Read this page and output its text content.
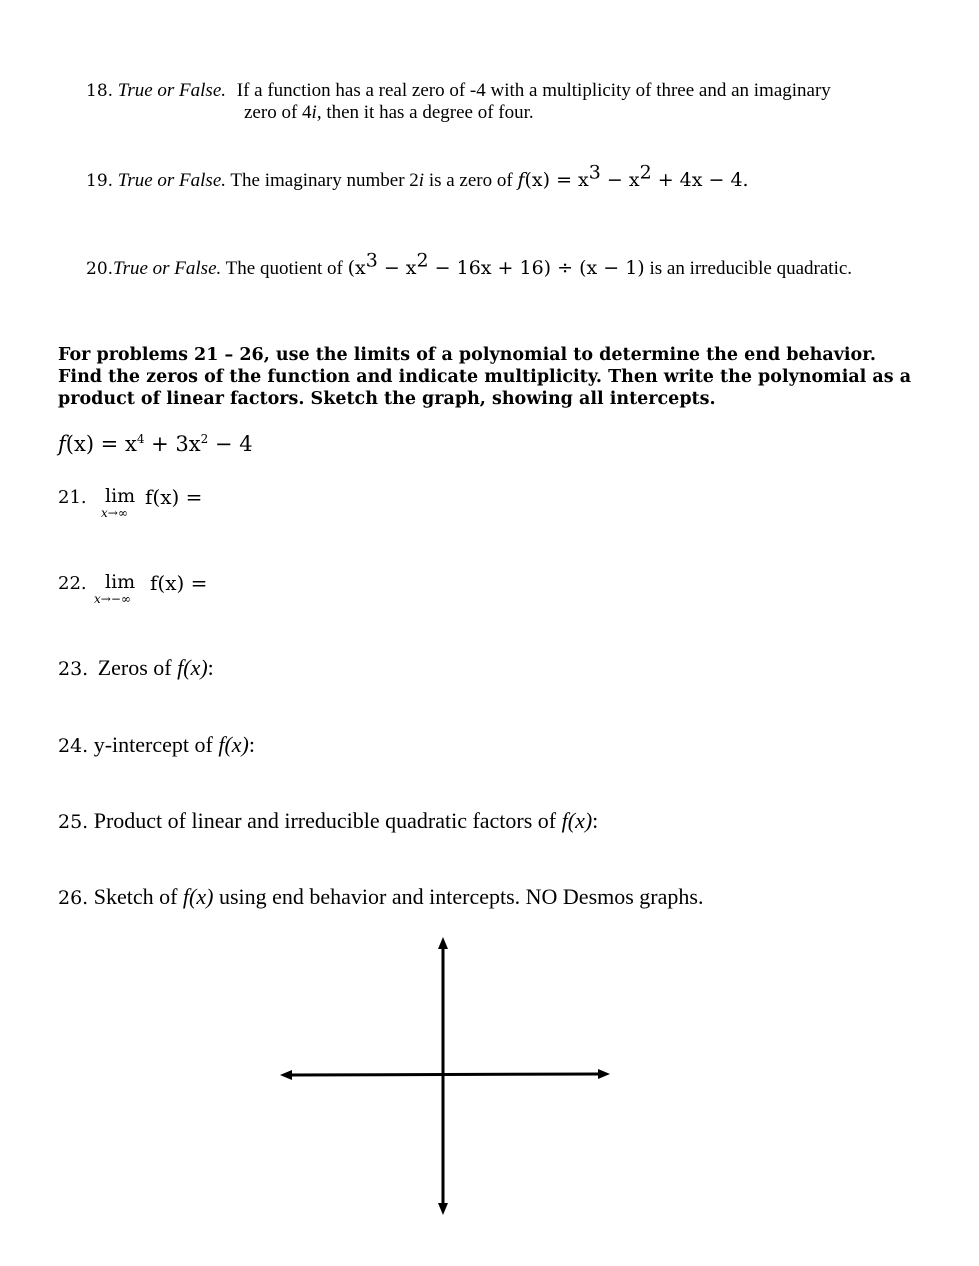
18. True or False. If a function has a real zero of -4 with a multiplicity of three and an imaginary
zero of 4i, then it has a degree of four.
19. True or False. The imaginary number 2i is a zero of $f(x) = x^3 - x^2 + 4x - 4$.
20.True or False. The quotient of $(x^3 - x^2 - 16x + 16) \div (x - 1)$ is an irreducible quadratic.
For problems 21 – 26, use the limits of a polynomial to determine the end behavior.
Find the zeros of the function and indicate multiplicity. Then write the polynomial as a
product of linear factors. Sketch the graph, showing all intercepts.
$f(x) = x^4 + 3x^2 - 4$
21. lim
x→∞
f(x) =
22. lim
x→−∞
f(x) =
23. Zeros of f(x):
24. y-intercept of f(x):
25. Product of linear and irreducible quadratic factors of f(x):
26. Sketch of f(x) using end behavior and intercepts. NO Desmos graphs.
